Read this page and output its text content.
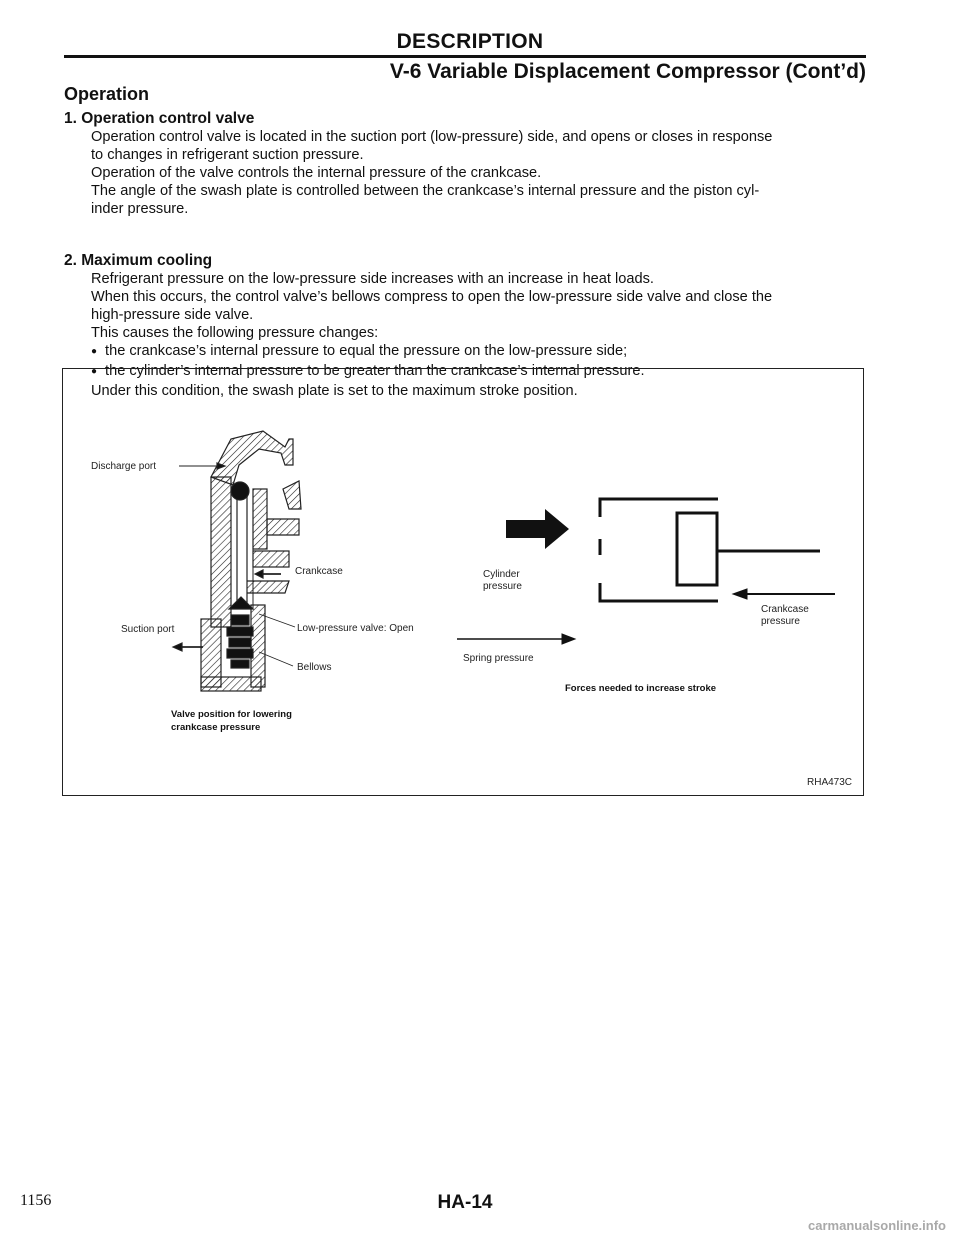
DESCRIPTION
V-6 Variable Displacement Compressor (Cont’d)
Operation
1. Operation control valve

Operation control valve is located in the suction port (low-pressure) side, and opens or closes in response

to changes in refrigerant suction pressure.

Operation of the valve controls the internal pressure of the crankcase.

The angle of the swash plate is controlled between the crankcase’s internal pressure and the piston cyl-

inder pressure.

2. Maximum cooling

Refrigerant pressure on the low-pressure side increases with an increase in heat loads.

When this occurs, the control valve’s bellows compress to open the low-pressure side valve and close the

high-pressure side valve.

This causes the following pressure changes:

● the crankcase’s internal pressure to equal the pressure on the low-pressure side;

● the cylinder’s internal pressure to be greater than the crankcase’s internal pressure.

Under this condition, the swash plate is set to the maximum stroke position.

Discharge port
Crankcase
Suction port	Low-pressure valve: Open
Bellows
Valve position for lowering
crankcase pressure
Cylinder
pressure
Crankcase
pressure
Spring pressure
Forces needed to increase stroke
RHA473C
1156	HA-14
carmanualsonline.info
